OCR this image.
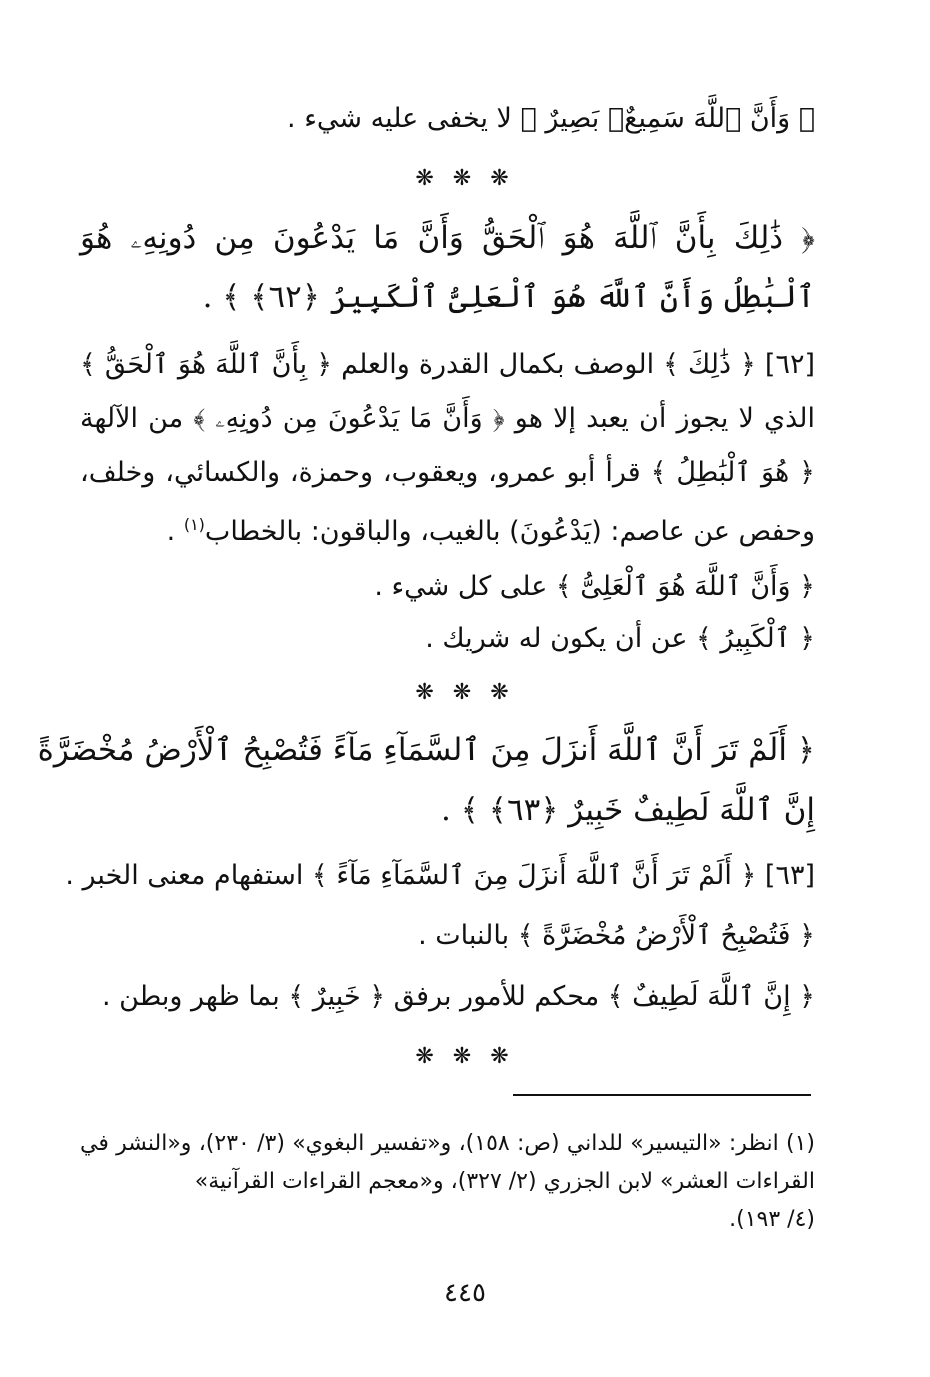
﴿ وَأَنَّ ٱللَّهَ سَمِيعٌۢ بَصِيرٌ ﴾ لا يخفى عليه شيء .
❋ ❋ ❋
﴿ ذَٰلِكَ بِأَنَّ ٱللَّهَ هُوَ ٱلْحَقُّ وَأَنَّ مَا يَدْعُونَ مِن دُونِهِۦ هُوَ
ٱلْبَٰطِلُ وَأَنَّ ٱللَّهَ هُوَ ٱلْعَلِىُّ ٱلْكَبِيرُ ﴿٦٢﴾ ﴾ .
[٦٢] ﴿ ذَٰلِكَ ﴾ الوصف بكمال القدرة والعلم ﴿ بِأَنَّ ٱللَّهَ هُوَ ٱلْحَقُّ ﴾
الذي لا يجوز أن يعبد إلا هو ﴿ وَأَنَّ مَا يَدْعُونَ مِن دُونِهِۦ ﴾ من الآلهة
﴿ هُوَ ٱلْبَٰطِلُ ﴾ قرأ أبو عمرو، ويعقوب، وحمزة، والكسائي، وخلف،
وحفص عن عاصم: (يَدْعُونَ) بالغيب، والباقون: بالخطاب$^{(١)}$ .
﴿ وَأَنَّ ٱللَّهَ هُوَ ٱلْعَلِىُّ ﴾ على كل شيء .
﴿ ٱلْكَبِيرُ ﴾ عن أن يكون له شريك .
❋ ❋ ❋
﴿ أَلَمْ تَرَ أَنَّ ٱللَّهَ أَنزَلَ مِنَ ٱلسَّمَآءِ مَآءً فَتُصْبِحُ ٱلْأَرْضُ مُخْضَرَّةً
إِنَّ ٱللَّهَ لَطِيفٌ خَبِيرٌ ﴿٦٣﴾ ﴾ .
[٦٣] ﴿ أَلَمْ تَرَ أَنَّ ٱللَّهَ أَنزَلَ مِنَ ٱلسَّمَآءِ مَآءً ﴾ استفهام معنى الخبر .
﴿ فَتُصْبِحُ ٱلْأَرْضُ مُخْضَرَّةً ﴾ بالنبات .
﴿ إِنَّ ٱللَّهَ لَطِيفٌ ﴾ محكم للأمور برفق ﴿ خَبِيرٌ ﴾ بما ظهر وبطن .
❋ ❋ ❋
(١) انظر: «التيسير» للداني (ص: ١٥٨)، و«تفسير البغوي» (٣/ ٢٣٠)، و«النشر في
القراءات العشر» لابن الجزري (٢/ ٣٢٧)، و«معجم القراءات القرآنية»
(٤/ ١٩٣).
٤٤٥
